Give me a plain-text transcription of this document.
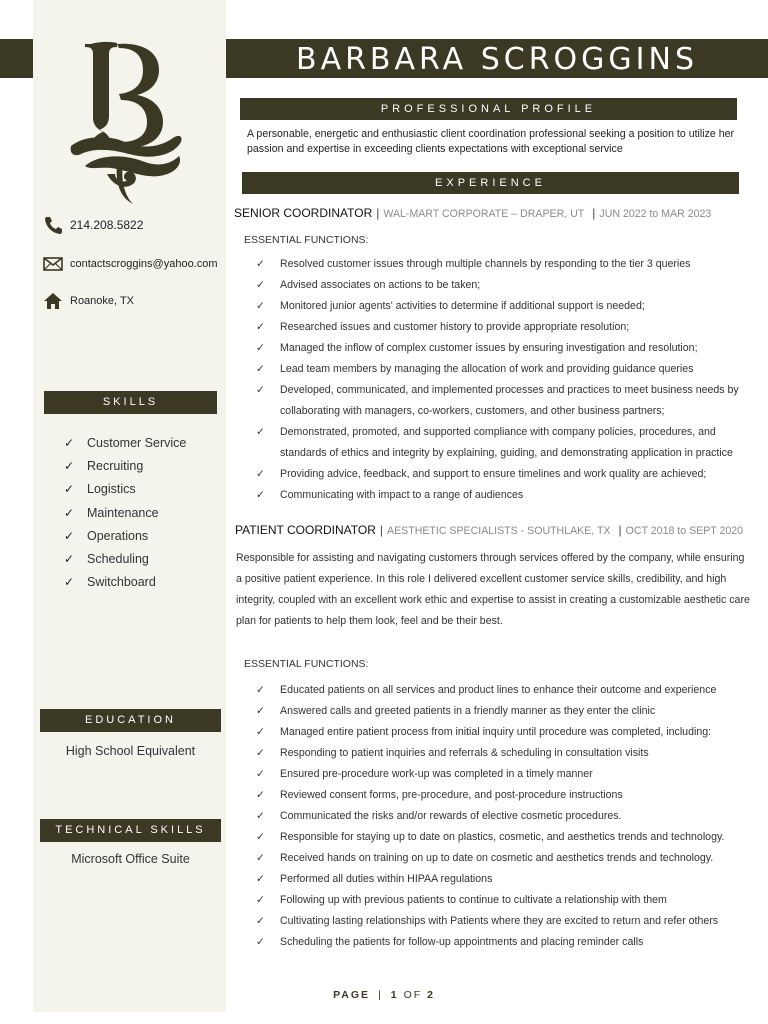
BARBARA SCROGGINS
214.208.5822
contactscroggins@yahoo.com
Roanoke, TX
SKILLS
✓	Customer Service
✓	Recruiting
✓	Logistics
✓	Maintenance
✓	Operations
✓	Scheduling
✓	Switchboard
EDUCATION
High School Equivalent
TECHNICAL SKILLS
Microsoft Office Suite
PROFESSIONAL PROFILE
A personable, energetic and enthusiastic client coordination professional seeking a position to utilize her passion and expertise in exceeding clients expectations with exceptional service
EXPERIENCE
SENIOR COORDINATOR | WAL-MART CORPORATE – DRAPER, UT | JUN 2022 to MAR 2023
ESSENTIAL FUNCTIONS:
✓	Resolved customer issues through multiple channels by responding to the tier 3 queries
✓	Advised associates on actions to be taken;
✓	Monitored junior agents' activities to determine if additional support is needed;
✓	Researched issues and customer history to provide appropriate resolution;
✓	Managed the inflow of complex customer issues by ensuring investigation and resolution;
✓	Lead team members by managing the allocation of work and providing guidance queries
✓	Developed, communicated, and implemented processes and practices to meet business needs by collaborating with managers, co-workers, customers, and other business partners;
✓	Demonstrated, promoted, and supported compliance with company policies, procedures, and standards of ethics and integrity by explaining, guiding, and demonstrating application in practice
✓	Providing advice, feedback, and support to ensure timelines and work quality are achieved;
✓	Communicating with impact to a range of audiences
PATIENT COORDINATOR | AESTHETIC SPECIALISTS - SOUTHLAKE, TX | OCT 2018 to SEPT 2020
Responsible for assisting and navigating customers through services offered by the company, while ensuring a positive patient experience. In this role I delivered excellent customer service skills, credibility, and high integrity, coupled with an excellent work ethic and expertise to assist in creating a customizable aesthetic care plan for patients to help them look, feel and be their best.
ESSENTIAL FUNCTIONS:
✓	Educated patients on all services and product lines to enhance their outcome and experience
✓	Answered calls and greeted patients in a friendly manner as they enter the clinic
✓	Managed entire patient process from initial inquiry until procedure was completed, including:
✓	Responding to patient inquiries and referrals & scheduling in consultation visits
✓	Ensured pre-procedure work-up was completed in a timely manner
✓	Reviewed consent forms, pre-procedure, and post-procedure instructions
✓	Communicated the risks and/or rewards of elective cosmetic procedures.
✓	Responsible for staying up to date on plastics, cosmetic, and aesthetics trends and technology.
✓	Received hands on training on up to date on cosmetic and aesthetics trends and technology.
✓	Performed all duties within HIPAA regulations
✓	Following up with previous patients to continue to cultivate a relationship with them
✓	Cultivating lasting relationships with Patients where they are excited to return and refer others
✓	Scheduling the patients for follow-up appointments and placing reminder calls
PAGE | 1 OF 2
